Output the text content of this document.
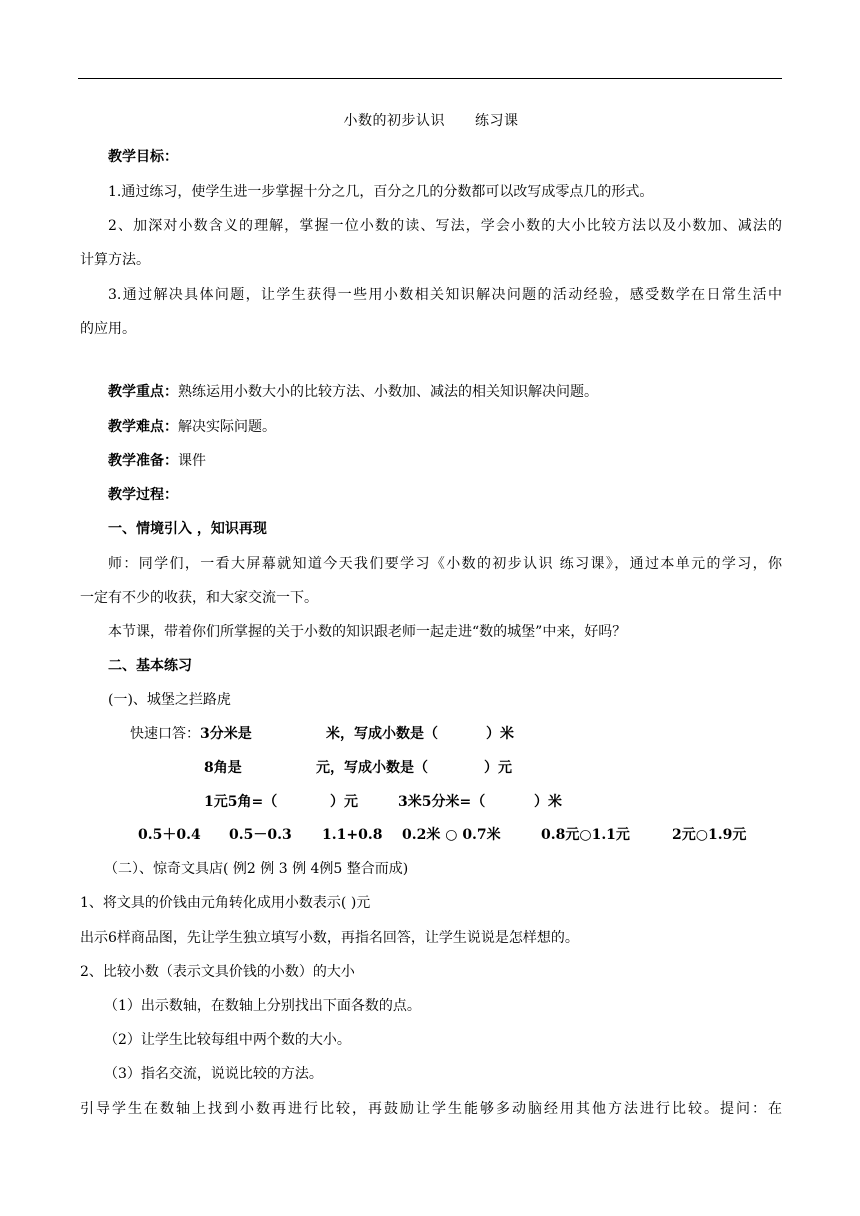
小数的初步认识 练习课
教学目标：
1.通过练习，使学生进一步掌握十分之几，百分之几的分数都可以改写成零点几的形式。
2、加深对小数含义的理解，掌握一位小数的读、写法，学会小数的大小比较方法以及小数加、减法的
计算方法。
3.通过解决具体问题，让学生获得一些用小数相关知识解决问题的活动经验，感受数学在日常生活中
的应用。
教学重点：熟练运用小数大小的比较方法、小数加、减法的相关知识解决问题。
教学难点：解决实际问题。
教学准备：课件
教学过程：
一、情境引入 ，知识再现
师：同学们，一看大屏幕就知道今天我们要学习《小数的初步认识 练习课》，通过本单元的学习，你
一定有不少的收获，和大家交流一下。
本节课，带着你们所掌握的关于小数的知识跟老师一起走进“数的城堡”中来，好吗？
二、基本练习
(一)、城堡之拦路虎
快速口答： 3分米是	米，写成小数是（	）米
8角是	元，写成小数是（	）元
1元5角=（	）元	3米5分米=（	）米
0.5＋0.4 0.5－0.3 1.1+0.8 0.2米 ○ 0.7米	0.8元○1.1元	2元○1.9元
（二）、惊奇文具店( 例2 例 3 例 4例5 整合而成)
1、将文具的价钱由元角转化成用小数表示( )元
出示6样商品图，先让学生独立填写小数，再指名回答，让学生说说是怎样想的。
2、比较小数（表示文具价钱的小数）的大小
（1）出示数轴，在数轴上分别找出下面各数的点。
（2）让学生比较每组中两个数的大小。
（3）指名交流，说说比较的方法。
引导学生在数轴上找到小数再进行比较，再鼓励让学生能够多动脑经用其他方法进行比较。提问：在
